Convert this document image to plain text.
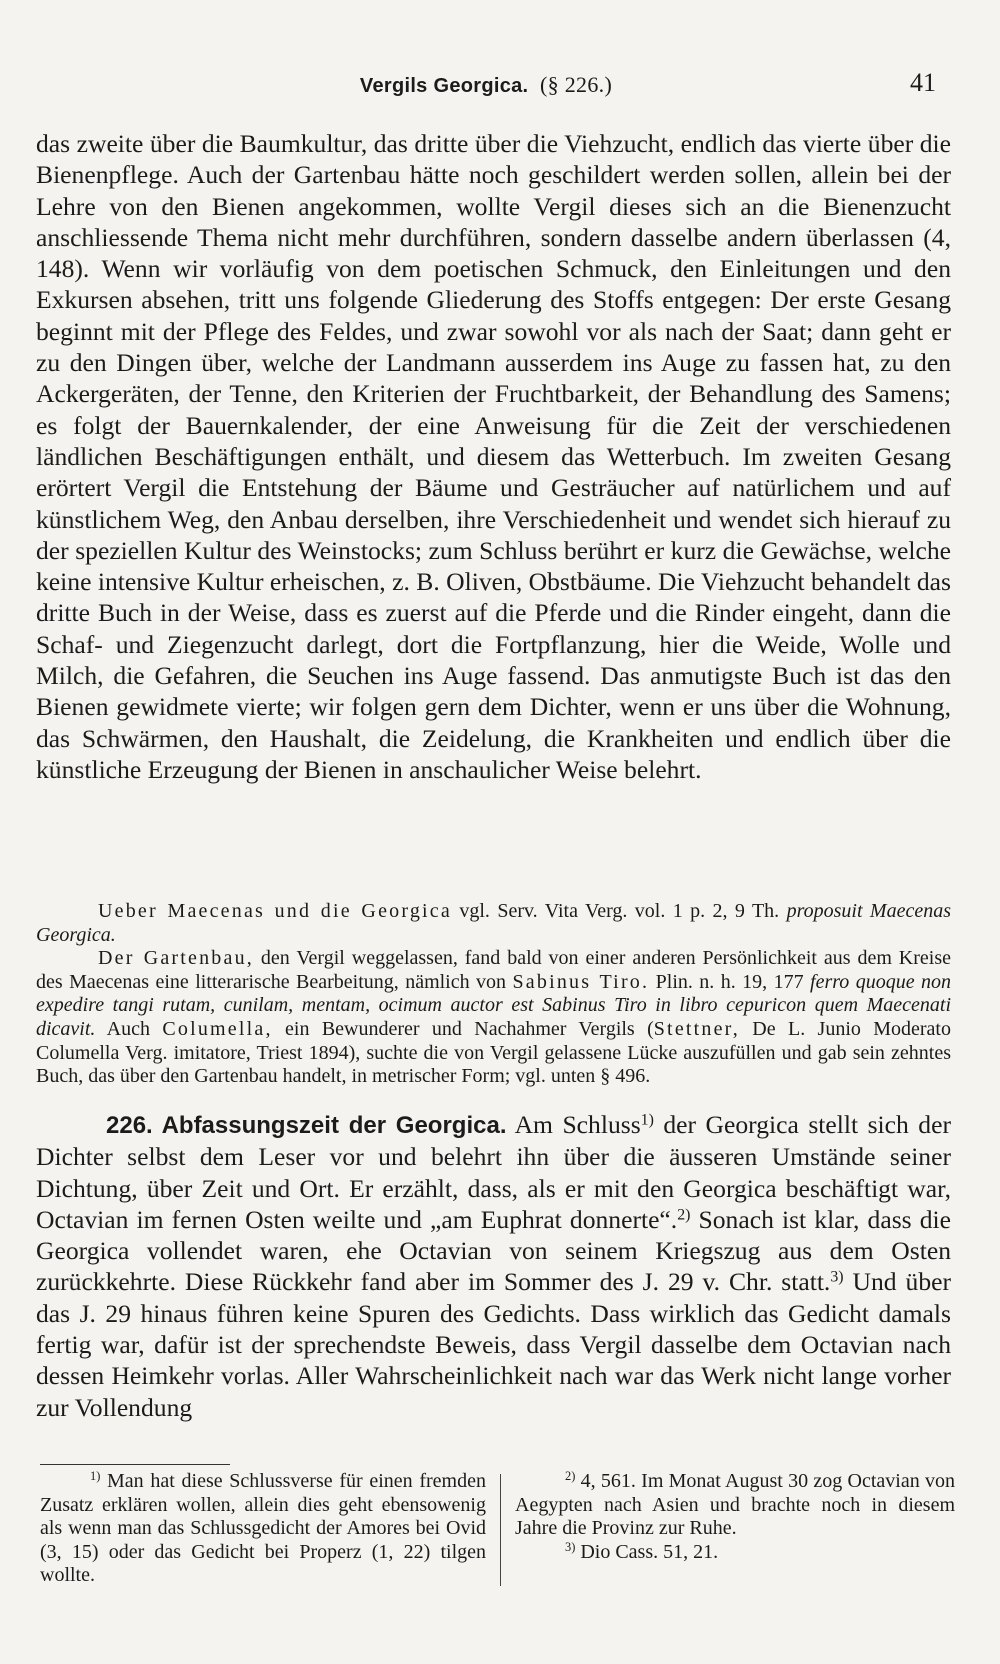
Vergils Georgica. (§ 226.)	41

das zweite über die Baumkultur, das dritte über die Viehzucht, endlich das vierte über die Bienenpflege. Auch der Gartenbau hätte noch geschildert werden sollen, allein bei der Lehre von den Bienen angekommen, wollte Vergil dieses sich an die Bienenzucht anschliessende Thema nicht mehr durchführen, sondern dasselbe andern überlassen (4, 148). Wenn wir vorläufig von dem poetischen Schmuck, den Einleitungen und den Exkursen absehen, tritt uns folgende Gliederung des Stoffs entgegen: Der erste Gesang beginnt mit der Pflege des Feldes, und zwar sowohl vor als nach der Saat; dann geht er zu den Dingen über, welche der Landmann ausserdem ins Auge zu fassen hat, zu den Ackergeräten, der Tenne, den Kriterien der Fruchtbarkeit, der Behandlung des Samens; es folgt der Bauernkalender, der eine Anweisung für die Zeit der verschiedenen ländlichen Beschäftigungen enthält, und diesem das Wetterbuch. Im zweiten Gesang erörtert Vergil die Entstehung der Bäume und Gesträucher auf natürlichem und auf künstlichem Weg, den Anbau derselben, ihre Verschiedenheit und wendet sich hierauf zu der speziellen Kultur des Weinstocks; zum Schluss berührt er kurz die Gewächse, welche keine intensive Kultur erheischen, z. B. Oliven, Obstbäume. Die Viehzucht behandelt das dritte Buch in der Weise, dass es zuerst auf die Pferde und die Rinder eingeht, dann die Schaf- und Ziegenzucht darlegt, dort die Fortpflanzung, hier die Weide, Wolle und Milch, die Gefahren, die Seuchen ins Auge fassend. Das anmutigste Buch ist das den Bienen gewidmete vierte; wir folgen gern dem Dichter, wenn er uns über die Wohnung, das Schwärmen, den Haushalt, die Zeidelung, die Krankheiten und endlich über die künstliche Erzeugung der Bienen in anschaulicher Weise belehrt.

Ueber Maecenas und die Georgica vgl. Serv. Vita Verg. vol. 1 p. 2, 9 Th. proposuit Maecenas Georgica.

Der Gartenbau, den Vergil weggelassen, fand bald von einer anderen Persönlichkeit aus dem Kreise des Maecenas eine litterarische Bearbeitung, nämlich von Sabinus Tiro. Plin. n. h. 19, 177 ferro quoque non expedire tangi rutam, cunilam, mentam, ocimum auctor est Sabinus Tiro in libro cepuricon quem Maecenati dicavit. Auch Columella, ein Bewunderer und Nachahmer Vergils (Stettner, De L. Junio Moderato Columella Verg. imitatore, Triest 1894), suchte die von Vergil gelassene Lücke auszufüllen und gab sein zehntes Buch, das über den Gartenbau handelt, in metrischer Form; vgl. unten § 496.

226. Abfassungszeit der Georgica. Am Schluss$^{1)}$ der Georgica stellt sich der Dichter selbst dem Leser vor und belehrt ihn über die äusseren Umstände seiner Dichtung, über Zeit und Ort. Er erzählt, dass, als er mit den Georgica beschäftigt war, Octavian im fernen Osten weilte und „am Euphrat donnerte“.$^{2)}$ Sonach ist klar, dass die Georgica vollendet waren, ehe Octavian von seinem Kriegszug aus dem Osten zurückkehrte. Diese Rückkehr fand aber im Sommer des J. 29 v. Chr. statt.$^{3)}$ Und über das J. 29 hinaus führen keine Spuren des Gedichts. Dass wirklich das Gedicht damals fertig war, dafür ist der sprechendste Beweis, dass Vergil dasselbe dem Octavian nach dessen Heimkehr vorlas. Aller Wahrscheinlichkeit nach war das Werk nicht lange vorher zur Vollendung

$^{1)}$ Man hat diese Schlussverse für einen fremden Zusatz erklären wollen, allein dies geht ebensowenig als wenn man das Schlussgedicht der Amores bei Ovid (3, 15) oder das Gedicht bei Properz (1, 22) tilgen wollte.

$^{2)}$ 4, 561. Im Monat August 30 zog Octavian von Aegypten nach Asien und brachte noch in diesem Jahre die Provinz zur Ruhe.

$^{3)}$ Dio Cass. 51, 21.
